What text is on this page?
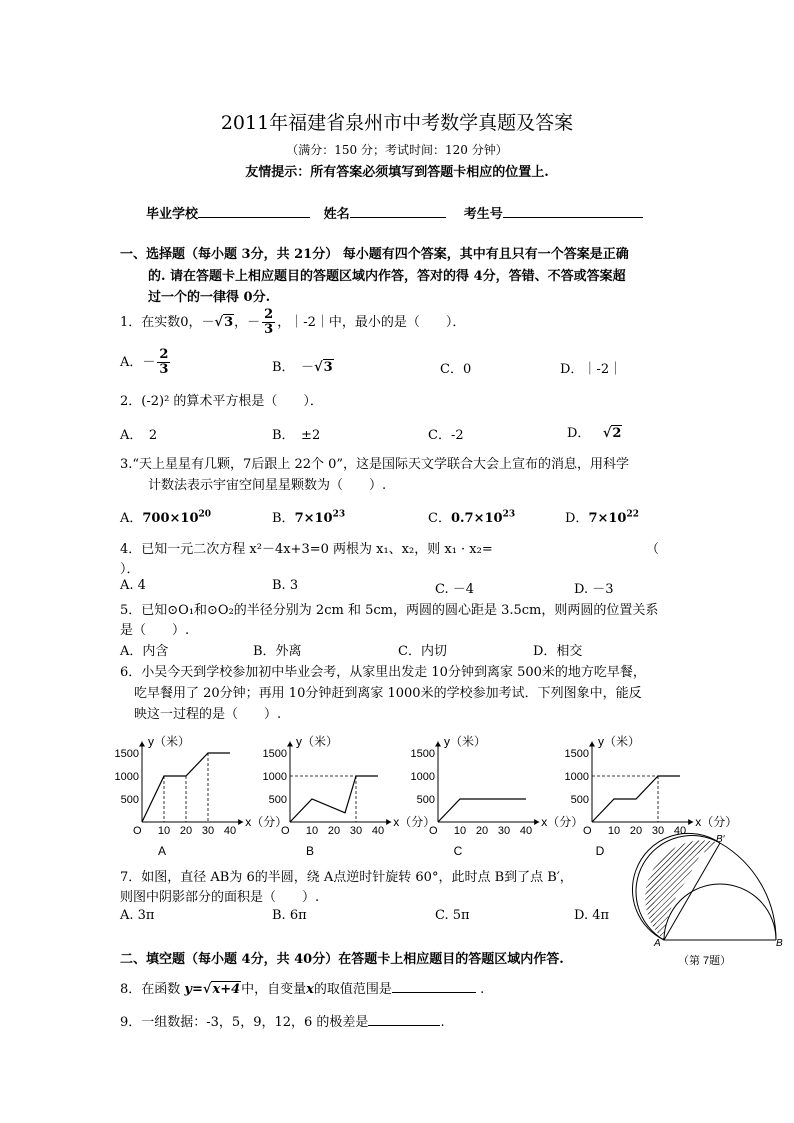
2011年福建省泉州市中考数学真题及答案
（满分：150 分；考试时间：120 分钟）
友情提示：所有答案必须填写到答题卡相应的位置上.
毕业学校	姓名	考生号
一、选择题（每小题 3分，共 21分） 每小题有四个答案，其中有且只有一个答案是正确
的. 请在答题卡上相应题目的答题区域内作答，答对的得 4分，答错、不答或答案超
过一个的一律得 0分.
1．在实数0，－√3，－ $\frac{2}{3}$ ，｜-2｜中，最小的是（　　）．
A．－ $\frac{2}{3}$	B．　－√3	C．0	D．｜-2｜
2．(-2)² 的算术平方根是（　　）．
A．　2	B．　±2	C．-2	D． √2
3.“天上星星有几颗，7后跟上 22个 0”，这是国际天文学联合大会上宣布的消息，用科学
计数法表示宇宙空间星星颗数为（　　）.
A．$700\times 10^{20}$	B．$7\times 10^{23}$	C．$0.7\times 10^{23}$	D．$7\times 10^{22}$
4．已知一元二次方程 x²－4x+3=0 两根为 x₁、x₂，则 x₁ · x₂=	（
）．
A. 4	B. 3	C. －4	D. －3
5．已知⊙O₁和⊙O₂的半径分别为 2cm 和 5cm，两圆的圆心距是 3.5cm，则两圆的位置关系
是（　　）.
A．内含	B．外离	C．内切	D．相交
6．小吴今天到学校参加初中毕业会考，从家里出发走 10分钟到离家 500米的地方吃早餐，
吃早餐用了 20分钟；再用 10分钟赶到离家 1000米的学校参加考试．下列图象中，能反
映这一过程的是（　　）.
y（米）
x（分）
O
1500
1000
500
10 20 30 40
A
y（米）
x（分）
O
1500
1000
500
10 20 30 40
B
y（米）
x（分）
O
1500
1000
500
10 20 30 40
C
y（米）
x（分）
O
1500
1000
500
10 20 30 40
D
7．如图，直径 AB为 6的半圆，绕 A点逆时针旋转 60°，此时点 B到了点 B′，
则图中阴影部分的面积是（　　）.
A. 3π	B. 6π	C. 5π	D. 4π
A	B
B′
（第 7题）
二、填空题（每小题 4分，共 40分）在答题卡上相应题目的答题区域内作答.
8．在函数 y=√x+4中，自变量x的取值范围是	.
9．一组数据：-3，5，9，12，6 的极差是	.
